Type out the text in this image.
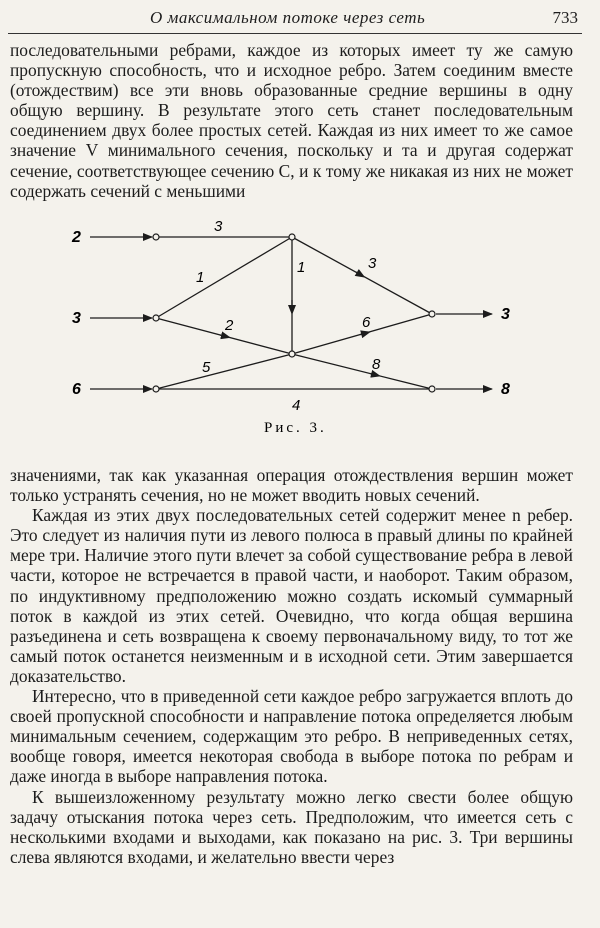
О максимальном потоке через сеть	733

последовательными ребрами, каждое из которых имеет ту же самую пропускную способность, что и исходное ребро. Затем соединим вместе (отождествим) все эти вновь образованные средние вершины в одну общую вершину. В результате этого сеть станет последовательным соединением двух более простых сетей. Каждая из них имеет то же самое значение V минимального сечения, поскольку и та и другая содержат сечение, соответствующее сечению C, и к тому же никакая из них не может содержать сечений с меньшими

2
3
6
3
8
3
1
2
1	3
6
5	8
4
Рис. 3.

значениями, так как указанная операция отождествления вершин может только устранять сечения, но не может вводить новых сечений.

Каждая из этих двух последовательных сетей содержит менее n ребер. Это следует из наличия пути из левого полюса в правый длины по крайней мере три. Наличие этого пути влечет за собой существование ребра в левой части, которое не встречается в правой части, и наоборот. Таким образом, по индуктивному предположению можно создать искомый суммарный поток в каждой из этих сетей. Очевидно, что когда общая вершина разъединена и сеть возвращена к своему первоначальному виду, то тот же самый поток останется неизменным и в исходной сети. Этим завершается доказательство.

Интересно, что в приведенной сети каждое ребро загружается вплоть до своей пропускной способности и направление потока определяется любым минимальным сечением, содержащим это ребро. В неприведенных сетях, вообще говоря, имеется некоторая свобода в выборе потока по ребрам и даже иногда в выборе направления потока.

К вышеизложенному результату можно легко свести более общую задачу отыскания потока через сеть. Предположим, что имеется сеть с несколькими входами и выходами, как показано на рис. 3. Три вершины слева являются входами, и желательно ввести через
